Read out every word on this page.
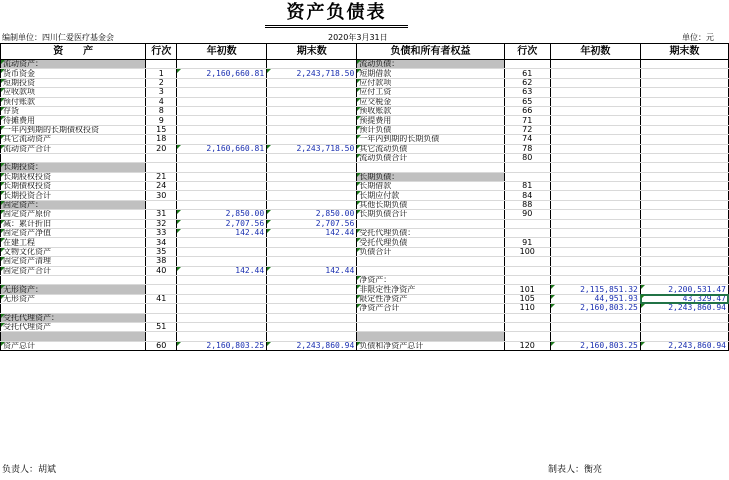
资产负债表
编制单位：四川仁爱医疗基金会	2020年3月31日	单位：元
资　　产	行次	年初数	期末数	负债和所有者权益	行次	年初数	期末数
流动资产：				流动负债：			
货币资金	1	2,160,660.81	2,243,718.50	短期借款	61		
短期投资	2			应付款项	62		
应收款项	3			应付工资	63		
预付账款	4			应交税金	65		
存货	8			预收账款	66		
待摊费用	9			预提费用	71		
一年内到期的长期债权投资	15			预计负债	72		
其它流动资产	18			一年内到期的长期负债	74		
流动资产合计	20	2,160,660.81	2,243,718.50	其它流动负债	78		
				流动负债合计	80		
长期投资：							
长期股权投资	21			长期负债：			
长期债权投资	24			长期借款	81		
长期投资合计	30			长期应付款	84		
固定资产：				其他长期负债	88		
固定资产原价	31	2,850.00	2,850.00	长期负债合计	90		
减：累计折旧	32	2,707.56	2,707.56				
固定资产净值	33	142.44	142.44	受托代理负债：			
在建工程	34			受托代理负债	91		
文物文化资产	35			负债合计	100		
固定资产清理	38						
固定资产合计	40	142.44	142.44				
				净资产：			
无形资产：				非限定性净资产	101	2,115,851.32	2,200,531.47
无形资产	41			限定性净资产	105	44,951.93	43,329.47
				净资产合计	110	2,160,803.25	2,243,860.94
受托代理资产：							
受托代理资产	51						

资产总计	60	2,160,803.25	2,243,860.94	负债和净资产总计	120	2,160,803.25	2,243,860.94
负责人：胡斌	制表人：衡亮
